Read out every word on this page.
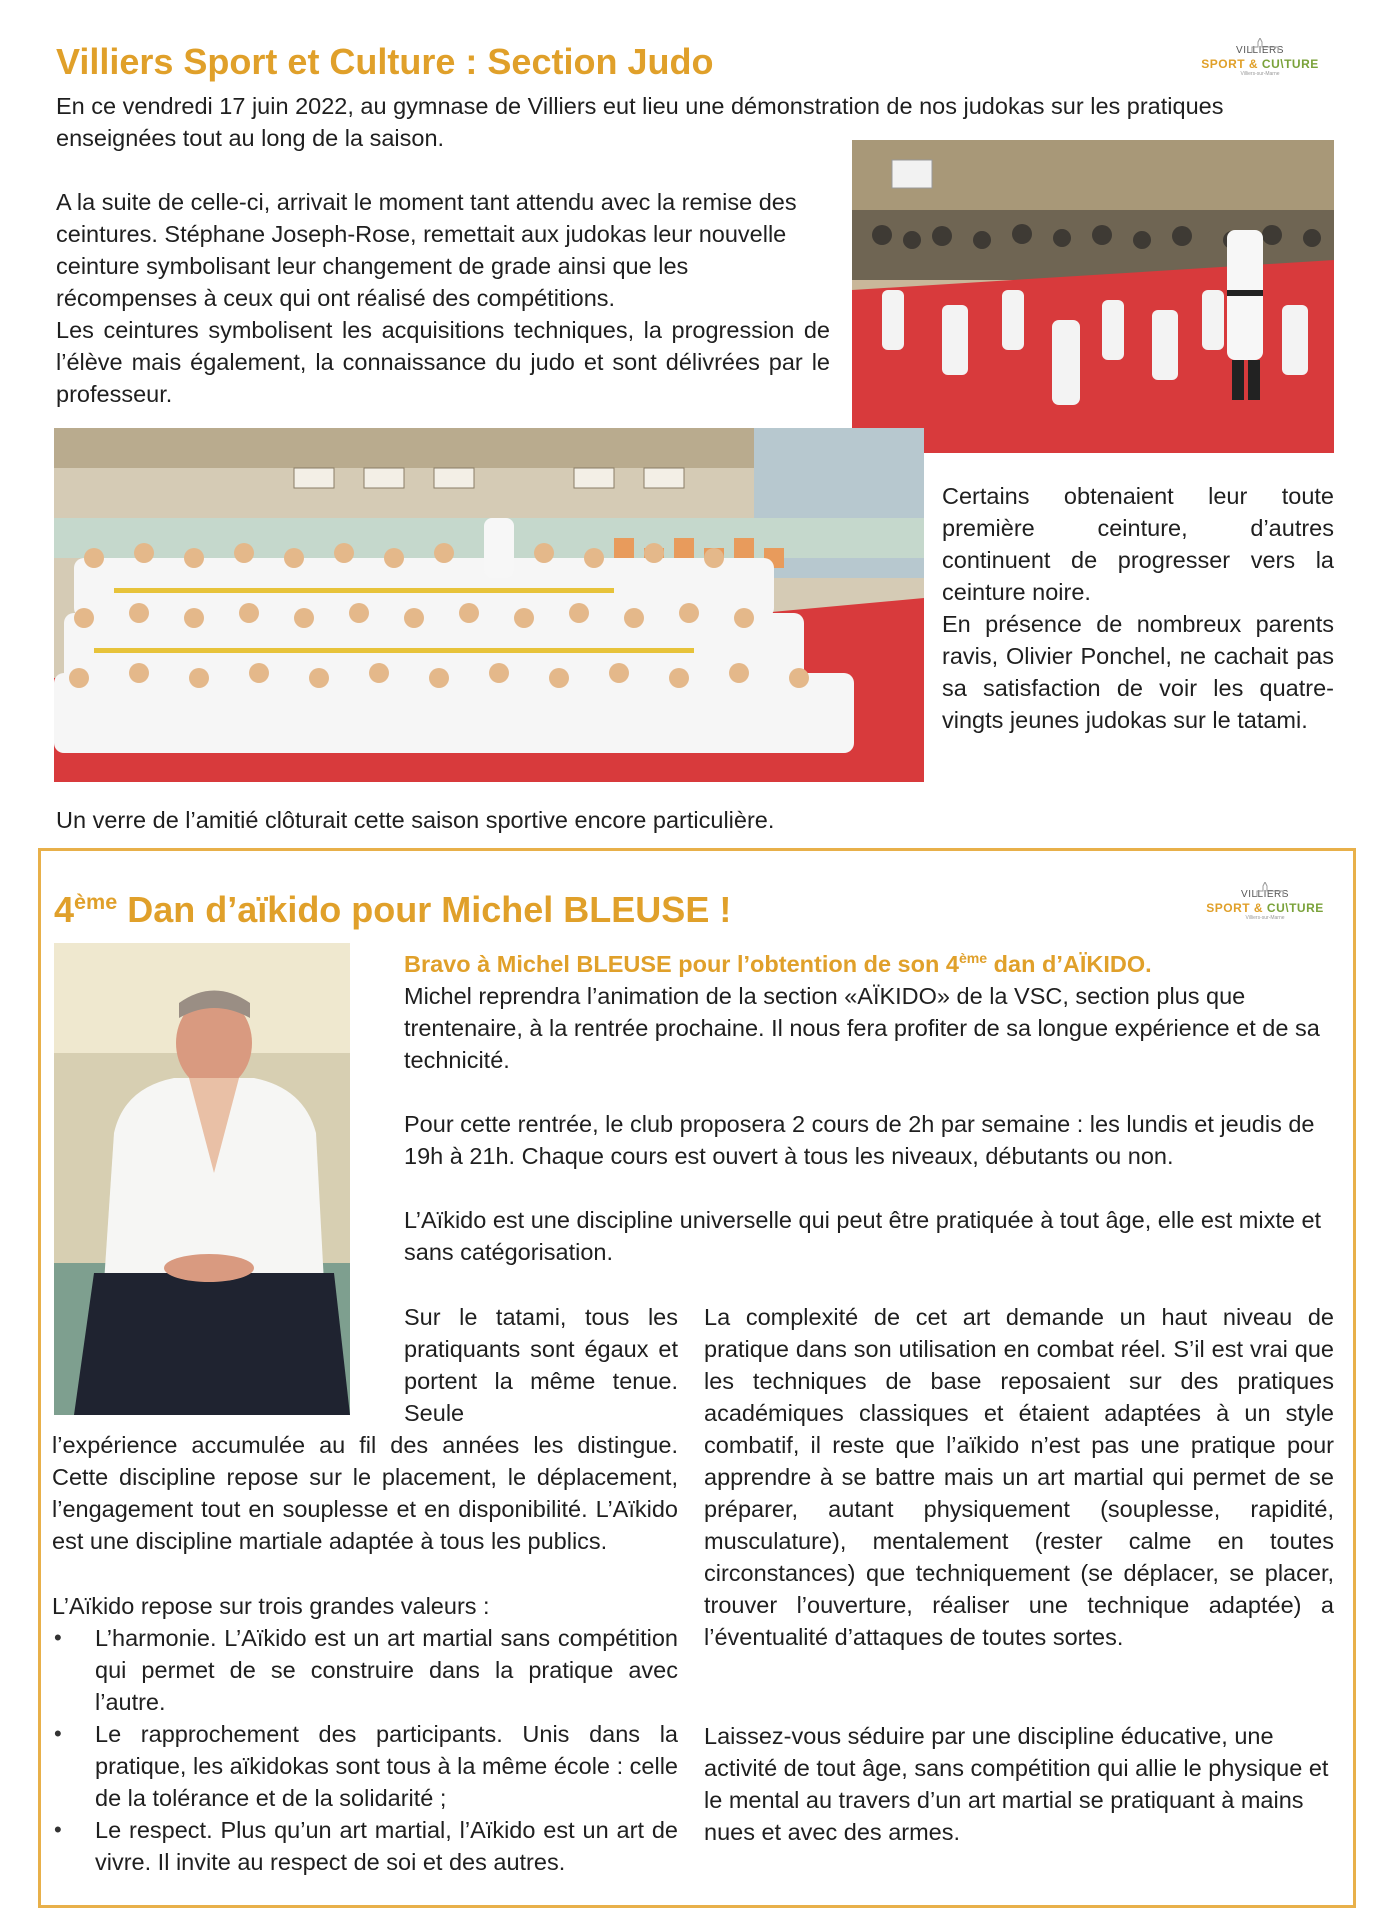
Villiers Sport et Culture : Section Judo	VILLIERS
SPORT & CU\TURE
Villiers-sur-Marne

En ce vendredi 17 juin 2022, au gymnase de Villiers eut lieu une démonstration de nos judokas sur les pratiques enseignées tout au long de la saison.

A la suite de celle-ci, arrivait le moment tant attendu avec la remise des ceintures. Stéphane Joseph-Rose, remettait aux judokas leur nouvelle ceinture symbolisant leur changement de grade ainsi que les récompenses à ceux qui ont réalisé des compétitions.

Les ceintures symbolisent les acquisitions techniques, la progression de l’élève mais également, la connaissance du judo et sont délivrées par le professeur.

Certains obtenaient leur toute première ceinture, d’autres continuent de progresser vers la ceinture noire.

En présence de nombreux parents ravis, Olivier Ponchel, ne cachait pas sa satisfaction de voir les quatre-vingts jeunes judokas sur le tatami.

Un verre de l’amitié clôturait cette saison sportive encore particulière.

4ème Dan d’aïkido pour Michel BLEUSE !	VILLIERS
SPORT & CU\TURE
Villiers-sur-Marne
Bravo à Michel BLEUSE pour l’obtention de son 4ème dan d’AÏKIDO.

Michel reprendra l’animation de la section «AÏKIDO» de la VSC, section plus que trentenaire, à la rentrée prochaine. Il nous fera profiter de sa longue expérience et de sa technicité.

Pour cette rentrée, le club proposera 2 cours de 2h par semaine : les lundis et jeudis de 19h à 21h. Chaque cours est ouvert à tous les niveaux, débutants ou non.

L’Aïkido est une discipline universelle qui peut être pratiquée à tout âge, elle est mixte et sans catégorisation.

Sur le tatami, tous les pratiquants sont égaux et portent la même tenue. Seule

l’expérience accumulée au fil des années les distingue. Cette discipline repose sur le placement, le déplacement, l’engagement tout en souplesse et en disponibilité. L’Aïkido est une discipline martiale adaptée à tous les publics.

L’Aïkido repose sur trois grandes valeurs :

• L’harmonie. L’Aïkido est un art martial sans compétition qui permet de se construire dans la pratique avec l’autre.
• Le rapprochement des participants. Unis dans la pratique, les aïkidokas sont tous à la même école : celle de la tolérance et de la solidarité ;
• Le respect. Plus qu’un art martial, l’Aïkido est un art de vivre. Il invite au respect de soi et des autres.

La complexité de cet art demande un haut niveau de pratique dans son utilisation en combat réel. S’il est vrai que les techniques de base reposaient sur des pratiques académiques classiques et étaient adaptées à un style combatif, il reste que l’aïkido n’est pas une pratique pour apprendre à se battre mais un art martial qui permet de se préparer, autant physiquement (souplesse, rapidité, musculature), mentalement (rester calme en toutes circonstances) que techniquement (se déplacer, se placer, trouver l’ouverture, réaliser une technique adaptée) a l’éventualité d’attaques de toutes sortes.

Laissez-vous séduire par une discipline éducative, une activité de tout âge, sans compétition qui allie le physique et le mental au travers d’un art martial se pratiquant à mains nues et avec des armes.
